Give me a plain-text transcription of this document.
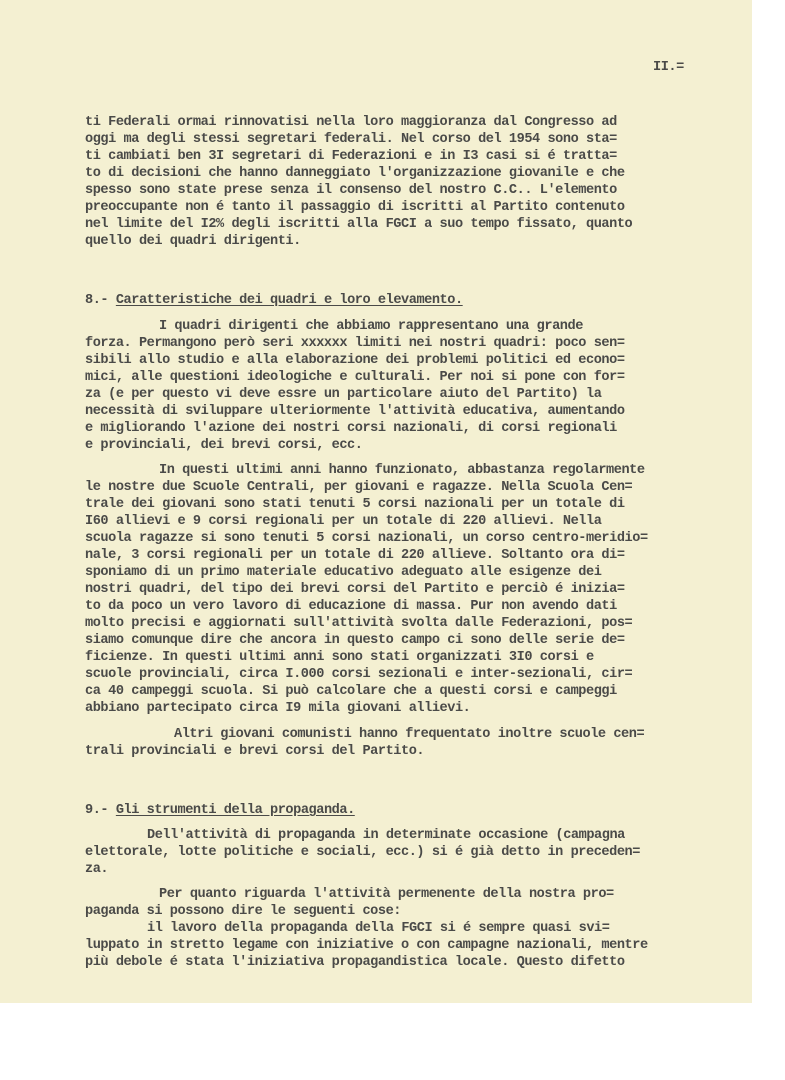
II.=
ti Federali ormai rinnovatisi nella loro maggioranza dal Congresso ad
oggi ma degli stessi segretari federali. Nel corso del 1954 sono sta=
ti cambiati ben 3I segretari di Federazioni e in I3 casi si é tratta=
to di decisioni che hanno danneggiato l'organizzazione giovanile e che
spesso sono state prese senza il consenso del nostro C.C.. L'elemento
preoccupante non é tanto il passaggio di iscritti al Partito contenuto
nel limite del I2% degli iscritti alla FGCI a suo tempo fissato, quanto
quello dei quadri dirigenti.
8.- Caratteristiche dei quadri e loro elevamento.
I quadri dirigenti che abbiamo rappresentano una grande
forza. Permangono però seri xxxxxx limiti nei nostri quadri: poco sen=
sibili allo studio e alla elaborazione dei problemi politici ed econo=
mici, alle questioni ideologiche e culturali. Per noi si pone con for=
za (e per questo vi deve essre un particolare aiuto del Partito) la
necessità di sviluppare ulteriormente l'attività educativa, aumentando
e migliorando l'azione dei nostri corsi nazionali, di corsi regionali
e provinciali, dei brevi corsi, ecc.
In questi ultimi anni hanno funzionato, abbastanza regolarmente
le nostre due Scuole Centrali, per giovani e ragazze. Nella Scuola Cen=
trale dei giovani sono stati tenuti 5 corsi nazionali per un totale di
I60 allievi e 9 corsi regionali per un totale di 220 allievi. Nella
scuola ragazze si sono tenuti 5 corsi nazionali, un corso centro-meridio=
nale, 3 corsi regionali per un totale di 220 allieve. Soltanto ora di=
sponiamo di un primo materiale educativo adeguato alle esigenze dei
nostri quadri, del tipo dei brevi corsi del Partito e perciò é inizia=
to da poco un vero lavoro di educazione di massa. Pur non avendo dati
molto precisi e aggiornati sull'attività svolta dalle Federazioni, pos=
siamo comunque dire che ancora in questo campo ci sono delle serie de=
ficienze. In questi ultimi anni sono stati organizzati 3I0 corsi e
scuole provinciali, circa I.000 corsi sezionali e inter-sezionali, cir=
ca 40 campeggi scuola. Si può calcolare che a questi corsi e campeggi
abbiano partecipato circa I9 mila giovani allievi.
Altri giovani comunisti hanno frequentato inoltre scuole cen=
trali provinciali e brevi corsi del Partito.
9.- Gli strumenti della propaganda.
Dell'attività di propaganda in determinate occasione (campagna
elettorale, lotte politiche e sociali, ecc.) si é già detto in preceden=
za.
Per quanto riguarda l'attività permenente della nostra pro=
paganda si possono dire le seguenti cose:
il lavoro della propaganda della FGCI si é sempre quasi svi=
luppato in stretto legame con iniziative o con campagne nazionali, mentre
più debole é stata l'iniziativa propagandistica locale. Questo difetto
